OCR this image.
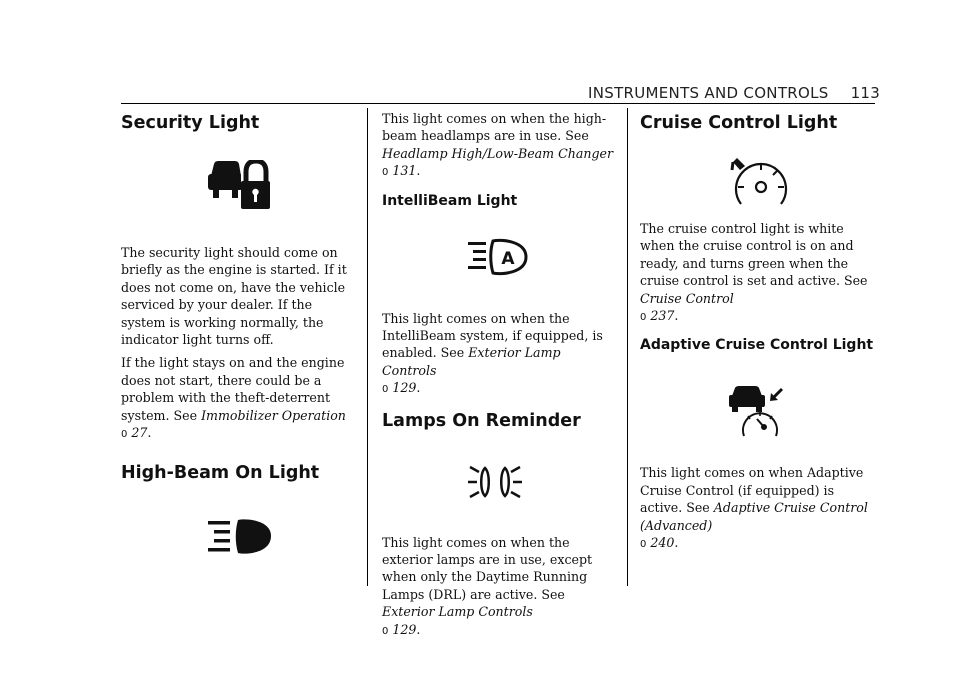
INSTRUMENTS AND CONTROLS 113
Security Light

The security light should come on briefly as the engine is started. If it does not come on, have the vehicle serviced by your dealer. If the system is working normally, the indicator light turns off.

If the light stays on and the engine does not start, there could be a problem with the theft-deterrent system. See Immobilizer Operation

0 27.

High-Beam On Light

This light comes on when the high-beam headlamps are in use. See Headlamp High/Low-Beam Changer

0 131.

IntelliBeam Light
A

This light comes on when the IntelliBeam system, if equipped, is enabled. See Exterior Lamp Controls

0 129.

Lamps On Reminder

This light comes on when the exterior lamps are in use, except when only the Daytime Running Lamps (DRL) are active. See Exterior Lamp Controls

0 129.

Cruise Control Light

The cruise control light is white when the cruise control is on and ready, and turns green when the cruise control is set and active. See Cruise Control

0 237.

Adaptive Cruise Control Light

This light comes on when Adaptive Cruise Control (if equipped) is active. See Adaptive Cruise Control (Advanced)

0 240.
